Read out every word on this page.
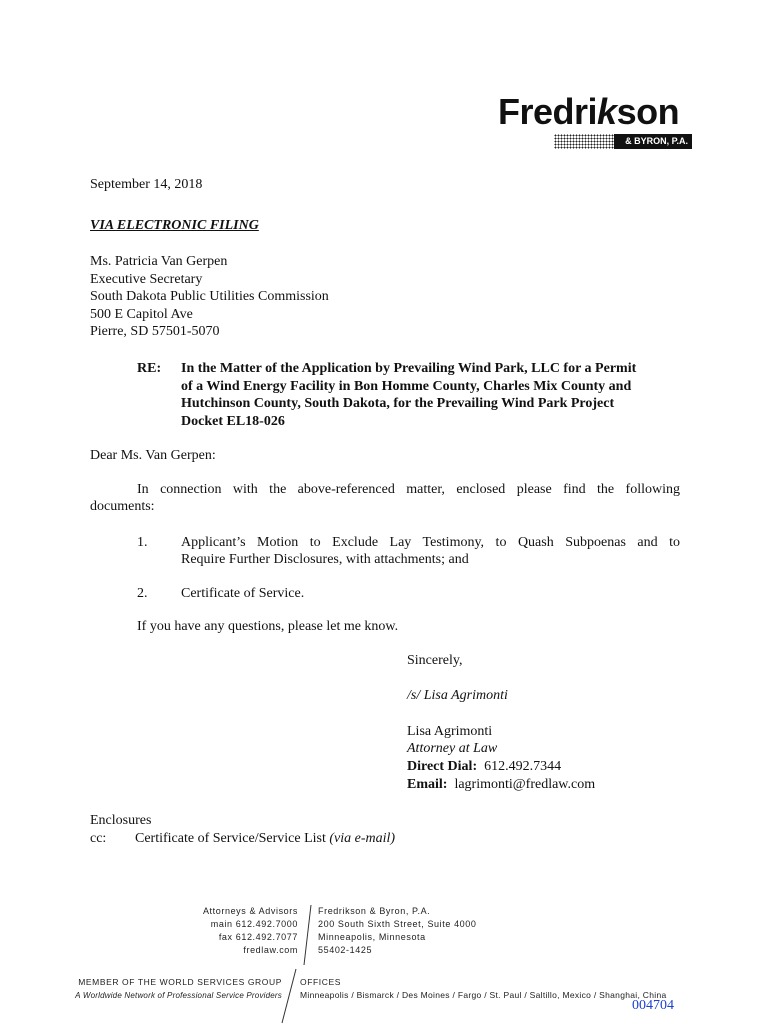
Fredrikson
& BYRON, P.A.
September 14, 2018
VIA ELECTRONIC FILING
Ms. Patricia Van Gerpen
Executive Secretary
South Dakota Public Utilities Commission
500 E Capitol Ave
Pierre, SD 57501-5070
RE: In the Matter of the Application by Prevailing Wind Park, LLC for a Permit
of a Wind Energy Facility in Bon Homme County, Charles Mix County and
Hutchinson County, South Dakota, for the Prevailing Wind Park Project
Docket EL18-026
Dear Ms. Van Gerpen:
In connection with the above-referenced matter, enclosed please find the following
documents:
1. Applicant’s Motion to Exclude Lay Testimony, to Quash Subpoenas and to
Require Further Disclosures, with attachments; and
2. Certificate of Service.
If you have any questions, please let me know.
Sincerely,
/s/ Lisa Agrimonti
Lisa Agrimonti
Attorney at Law
Direct Dial: 612.492.7344
Email: lagrimonti@fredlaw.com
Enclosures
cc: Certificate of Service/Service List (via e-mail)
Attorneys & Advisors
main 612.492.7000
fax 612.492.7077
fredlaw.com
Fredrikson & Byron, P.A.
200 South Sixth Street, Suite 4000
Minneapolis, Minnesota
55402-1425
MEMBER OF THE WORLD SERVICES GROUP
A Worldwide Network of Professional Service Providers
OFFICES
Minneapolis / Bismarck / Des Moines / Fargo / St. Paul / Saltillo, Mexico / Shanghai, China
004704
